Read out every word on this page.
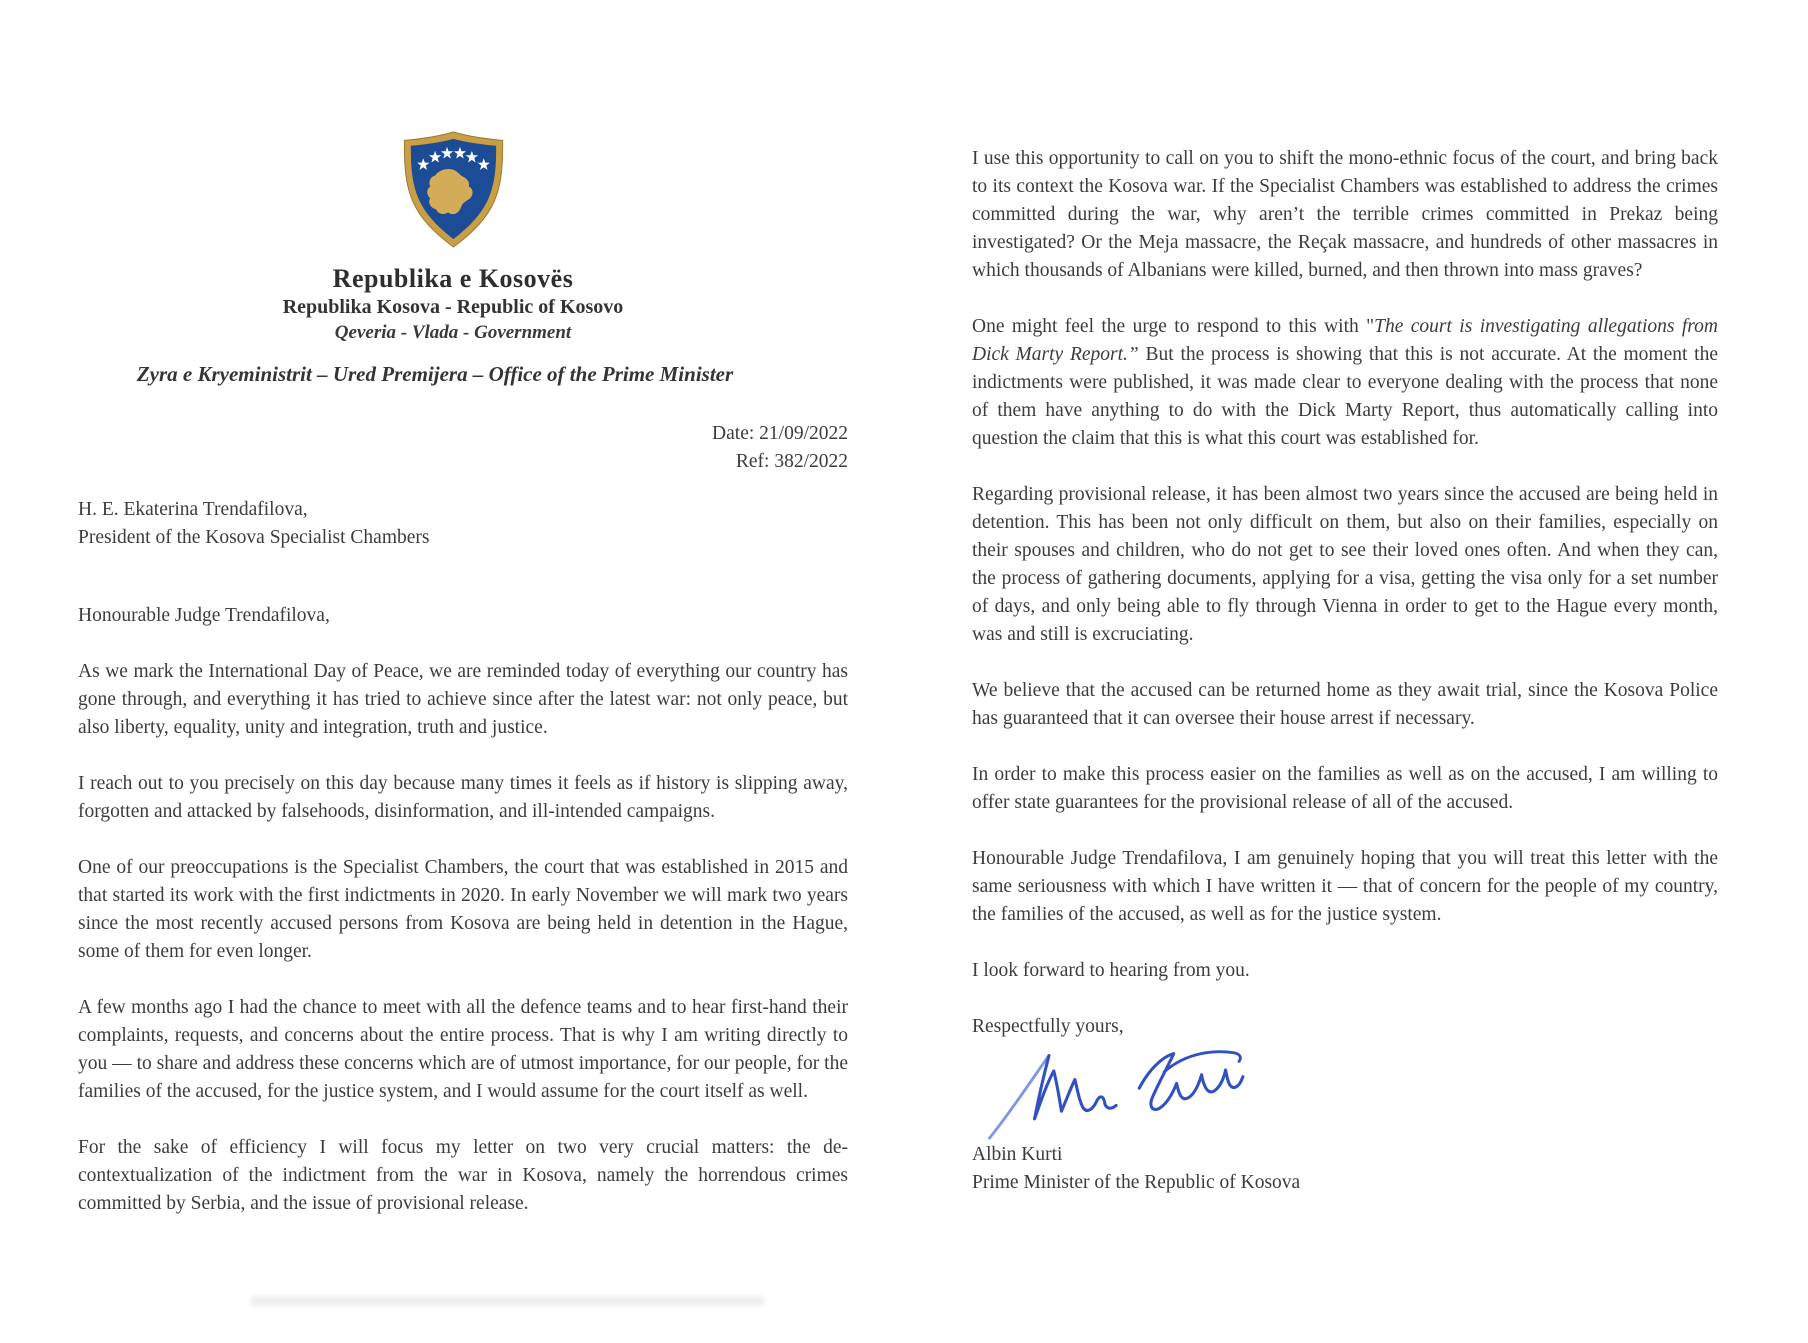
Republika e Kosovës
Republika Kosova - Republic of Kosovo
Qeveria - Vlada - Government
Zyra e Kryeministrit – Ured Premijera – Office of the Prime Minister
Date: 21/09/2022
Ref: 382/2022
H. E. Ekaterina Trendafilova,
President of the Kosova Specialist Chambers
Honourable Judge Trendafilova,

As we mark the International Day of Peace, we are reminded today of everything our country has gone through, and everything it has tried to achieve since after the latest war: not only peace, but also liberty, equality, unity and integration, truth and justice.

I reach out to you precisely on this day because many times it feels as if history is slipping away, forgotten and attacked by falsehoods, disinformation, and ill-intended campaigns.

One of our preoccupations is the Specialist Chambers, the court that was established in 2015 and that started its work with the first indictments in 2020. In early November we will mark two years since the most recently accused persons from Kosova are being held in detention in the Hague, some of them for even longer.

A few months ago I had the chance to meet with all the defence teams and to hear first-hand their complaints, requests, and concerns about the entire process. That is why I am writing directly to you — to share and address these concerns which are of utmost importance, for our people, for the families of the accused, for the justice system, and I would assume for the court itself as well.

For the sake of efficiency I will focus my letter on two very crucial matters: the de-contextualization of the indictment from the war in Kosova, namely the horrendous crimes committed by Serbia, and the issue of provisional release.

I use this opportunity to call on you to shift the mono-ethnic focus of the court, and bring back to its context the Kosova war. If the Specialist Chambers was established to address the crimes committed during the war, why aren’t the terrible crimes committed in Prekaz being investigated? Or the Meja massacre, the Reçak massacre, and hundreds of other massacres in which thousands of Albanians were killed, burned, and then thrown into mass graves?

One might feel the urge to respond to this with "The court is investigating allegations from Dick Marty Report.” But the process is showing that this is not accurate. At the moment the indictments were published, it was made clear to everyone dealing with the process that none of them have anything to do with the Dick Marty Report, thus automatically calling into question the claim that this is what this court was established for.

Regarding provisional release, it has been almost two years since the accused are being held in detention. This has been not only difficult on them, but also on their families, especially on their spouses and children, who do not get to see their loved ones often. And when they can, the process of gathering documents, applying for a visa, getting the visa only for a set number of days, and only being able to fly through Vienna in order to get to the Hague every month, was and still is excruciating.

We believe that the accused can be returned home as they await trial, since the Kosova Police has guaranteed that it can oversee their house arrest if necessary.

In order to make this process easier on the families as well as on the accused, I am willing to offer state guarantees for the provisional release of all of the accused.

Honourable Judge Trendafilova, I am genuinely hoping that you will treat this letter with the same seriousness with which I have written it — that of concern for the people of my country, the families of the accused, as well as for the justice system.

I look forward to hearing from you.

Respectfully yours,
Albin Kurti
Prime Minister of the Republic of Kosova
